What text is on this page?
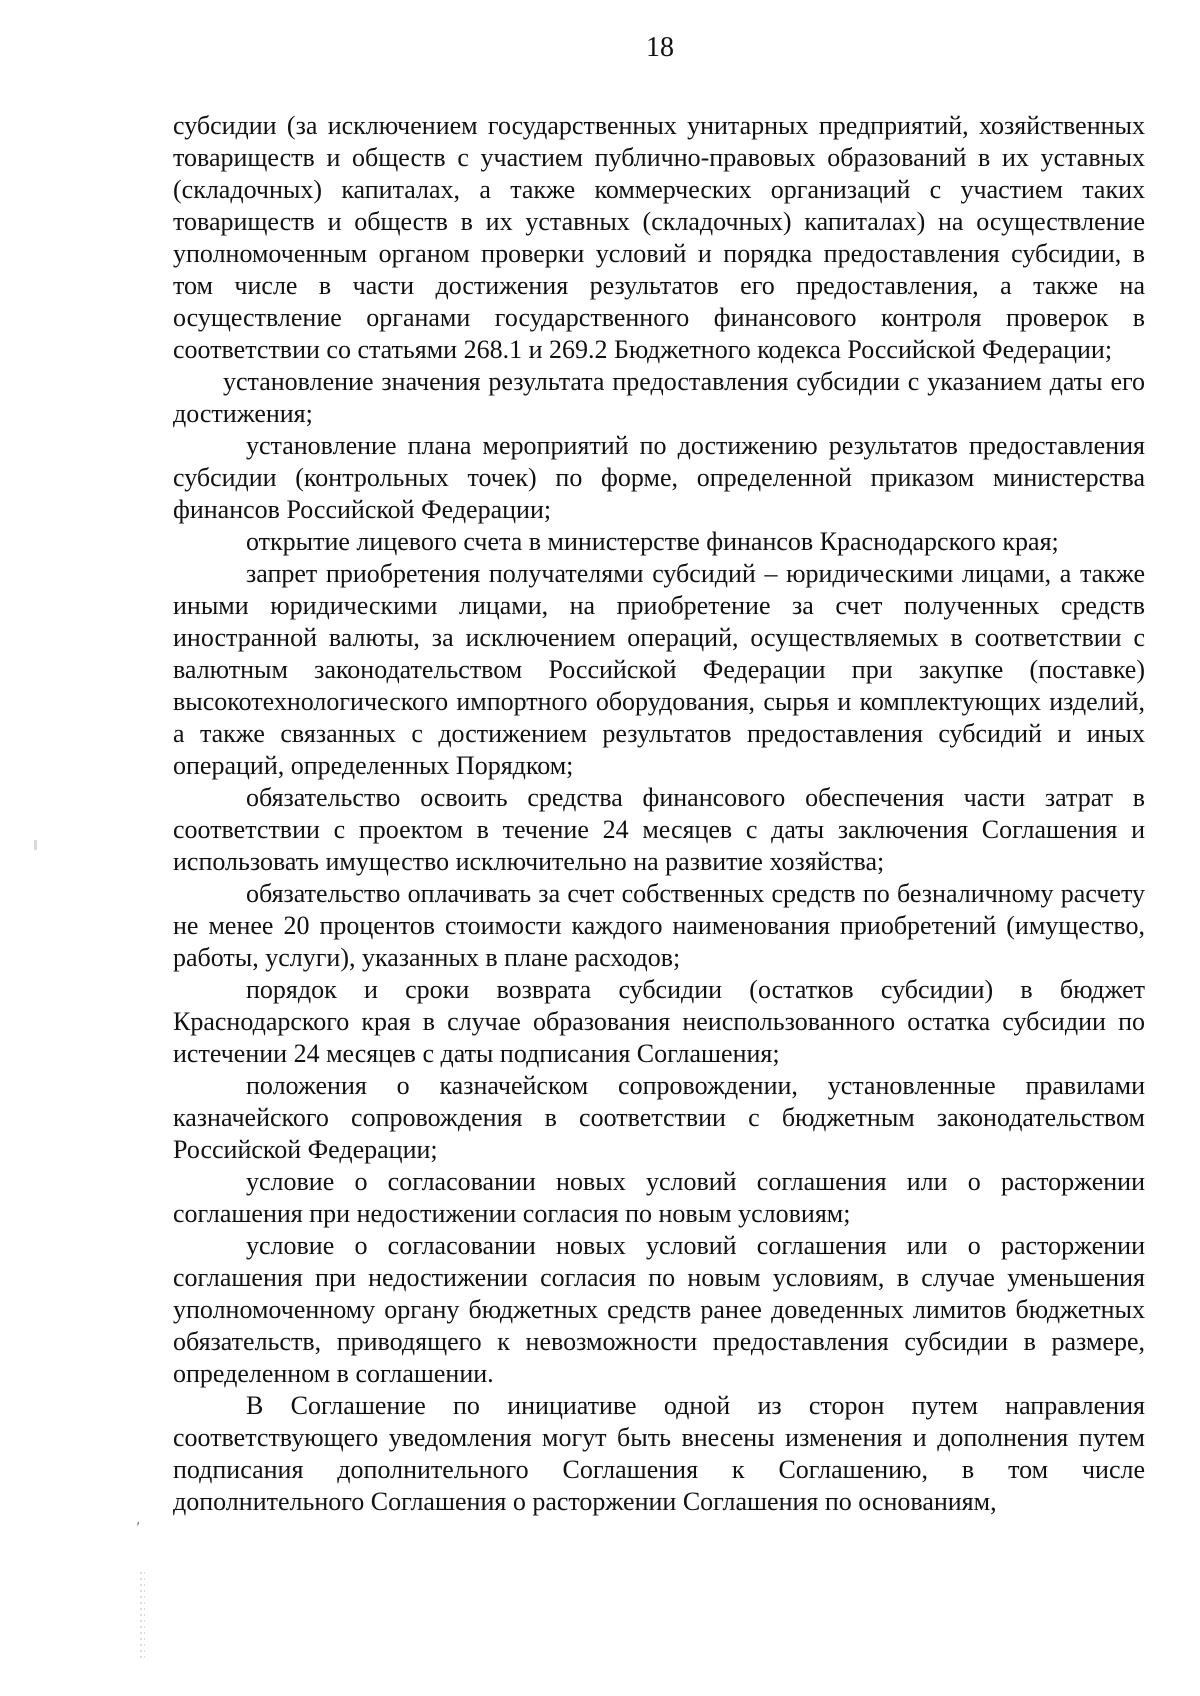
18

субсидии (за исключением государственных унитарных предприятий, хозяйственных товариществ и обществ с участием публично-правовых образований в их уставных (складочных) капиталах, а также коммерческих организаций с участием таких товариществ и обществ в их уставных (складочных) капиталах) на осуществление уполномоченным органом проверки условий и порядка предоставления субсидии, в том числе в части достижения результатов его предоставления, а также на осуществление органами государственного финансового контроля проверок в соответствии со статьями 268.1 и 269.2 Бюджетного кодекса Российской Федерации;

установление значения результата предоставления субсидии с указанием даты его достижения;

установление плана мероприятий по достижению результатов предоставления субсидии (контрольных точек) по форме, определенной приказом министерства финансов Российской Федерации;

открытие лицевого счета в министерстве финансов Краснодарского края;

запрет приобретения получателями субсидий – юридическими лицами, а также иными юридическими лицами, на приобретение за счет полученных средств иностранной валюты, за исключением операций, осуществляемых в соответствии с валютным законодательством Российской Федерации при закупке (поставке) высокотехнологического импортного оборудования, сырья и комплектующих изделий, а также связанных с достижением результатов предоставления субсидий и иных операций, определенных Порядком;

обязательство освоить средства финансового обеспечения части затрат в соответствии с проектом в течение 24 месяцев с даты заключения Соглашения и использовать имущество исключительно на развитие хозяйства;

обязательство оплачивать за счет собственных средств по безналичному расчету не менее 20 процентов стоимости каждого наименования приобретений (имущество, работы, услуги), указанных в плане расходов;

порядок и сроки возврата субсидии (остатков субсидии) в бюджет Краснодарского края в случае образования неиспользованного остатка субсидии по истечении 24 месяцев с даты подписания Соглашения;

положения о казначейском сопровождении, установленные правилами казначейского сопровождения в соответствии с бюджетным законодательством Российской Федерации;

условие о согласовании новых условий соглашения или о расторжении соглашения при недостижении согласия по новым условиям;

условие о согласовании новых условий соглашения или о расторжении соглашения при недостижении согласия по новым условиям, в случае уменьшения уполномоченному органу бюджетных средств ранее доведенных лимитов бюджетных обязательств, приводящего к невозможности предоставления субсидии в размере, определенном в соглашении.

В Соглашение по инициативе одной из сторон путем направления соответствующего уведомления могут быть внесены изменения и дополнения путем подписания дополнительного Соглашения к Соглашению, в том числе дополнительного Соглашения о расторжении Соглашения по основаниям,

,
